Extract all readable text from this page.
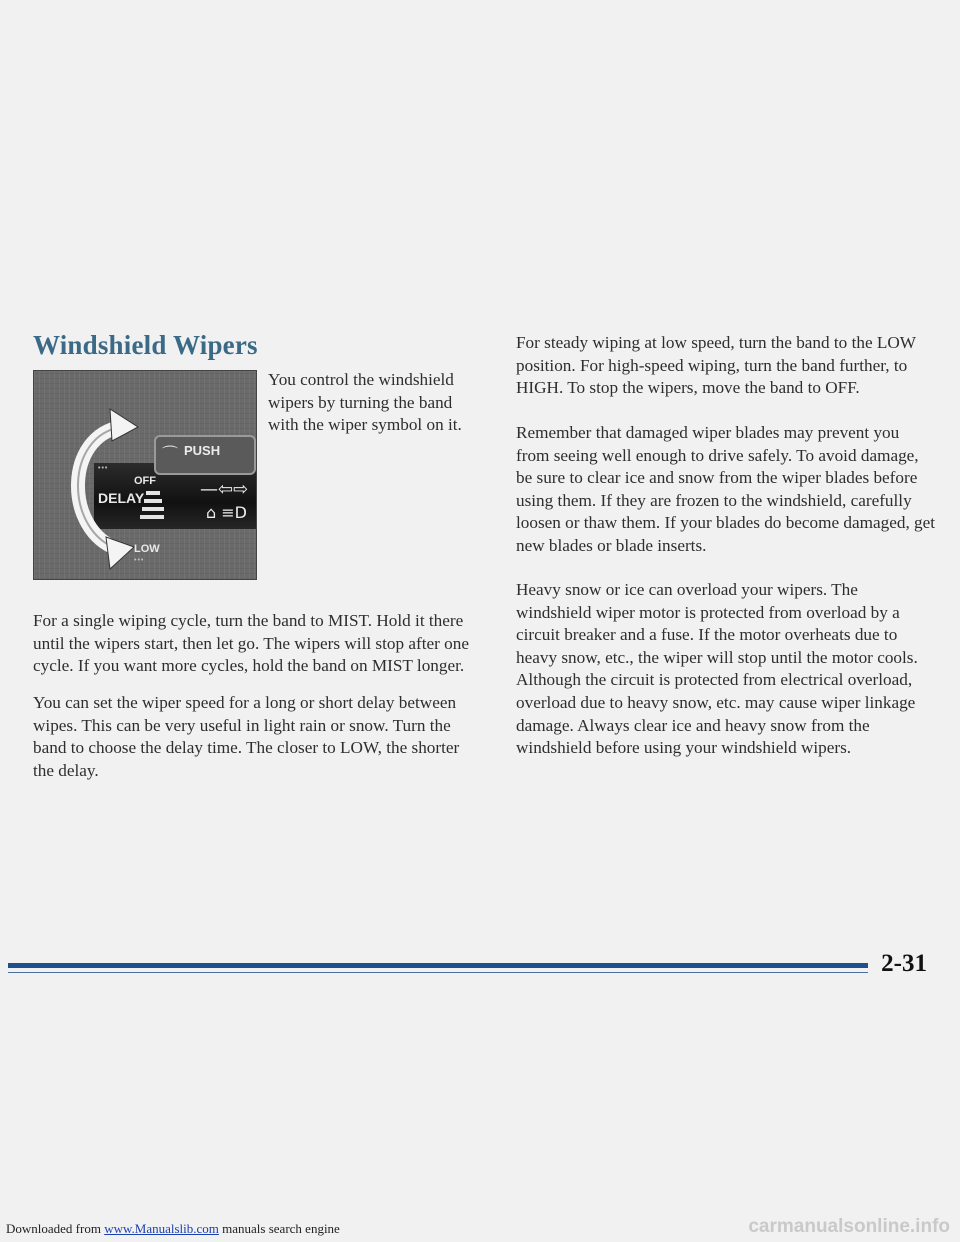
Windshield Wipers
⌒ PUSH
•••
OFF
DELAY
LOW
•••
—⇦⇨
⌂ ≡D

You control the windshield wipers by turning the band with the wiper symbol on it.

For a single wiping cycle, turn the band to MIST. Hold it there until the wipers start, then let go. The wipers will stop after one cycle. If you want more cycles, hold the band on MIST longer.

You can set the wiper speed for a long or short delay between wipes. This can be very useful in light rain or snow. Turn the band to choose the delay time. The closer to LOW, the shorter the delay.

For steady wiping at low speed, turn the band to the LOW position. For high-speed wiping, turn the band further, to HIGH. To stop the wipers, move the band to OFF.

Remember that damaged wiper blades may prevent you from seeing well enough to drive safely. To avoid damage, be sure to clear ice and snow from the wiper blades before using them. If they are frozen to the windshield, carefully loosen or thaw them. If your blades do become damaged, get new blades or blade inserts.

Heavy snow or ice can overload your wipers. The windshield wiper motor is protected from overload by a circuit breaker and a fuse. If the motor overheats due to heavy snow, etc., the wiper will stop until the motor cools. Although the circuit is protected from electrical overload, overload due to heavy snow, etc. may cause wiper linkage damage. Always clear ice and heavy snow from the windshield before using your windshield wipers.

2-31

Downloaded from www.Manualslib.com manuals search engine	carmanualsonline.info
